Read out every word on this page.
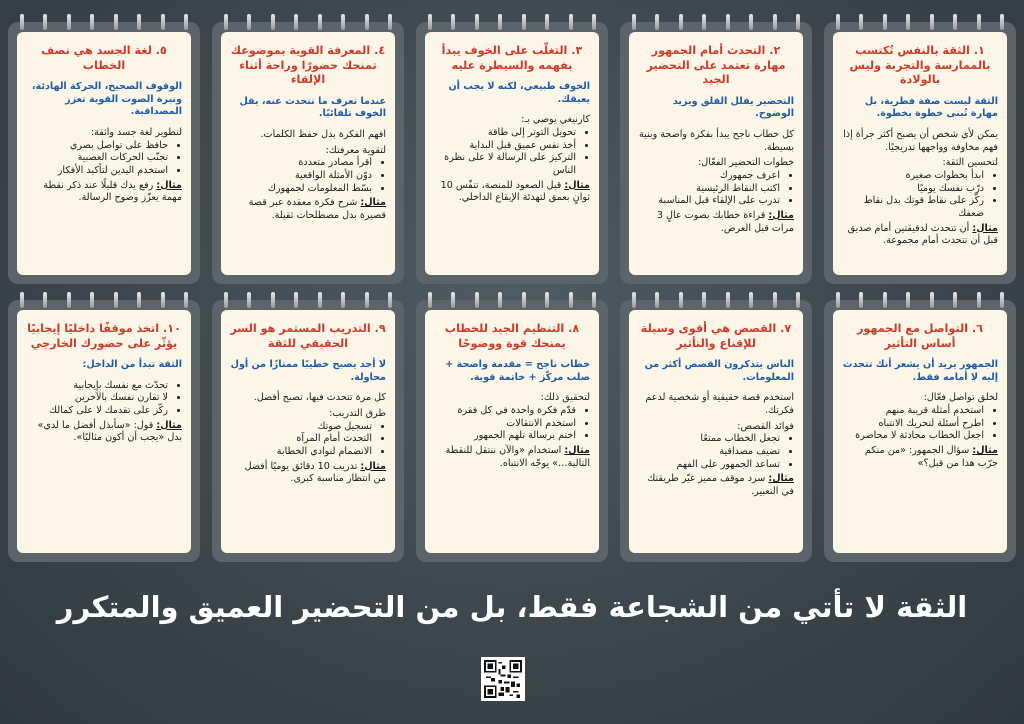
١. الثقة بالنفس تُكتسب بالممارسة والتجربة وليس بالولادة
الثقة ليست صفة فطرية، بل مهارة تُبنى خطوة بخطوة.
يمكن لأي شخص أن يصبح أكثر جرأة إذا فهم مخاوفه وواجهها تدريجيًا.
لتحسين الثقة:
• ابدأ بخطوات صغيرة
• درّب نفسك يوميًا
• ركّز على نقاط قوتك بدل نقاط ضعفك
مثال: أن تتحدث لدقيقتين أمام صديق قبل أن تتحدث أمام مجموعة.
٢. التحدث أمام الجمهور مهارة تعتمد على التحضير الجيد
التحضير يقلل القلق ويزيد الوضوح.
كل خطاب ناجح يبدأ بفكرة واضحة وبنية بسيطة.
خطوات التحضير الفعّال:
• اعرف جمهورك
• اكتب النقاط الرئيسية
• تدرب على الإلقاء قبل المناسبة
مثال: قراءة خطابك بصوت عالٍ 3 مرات قبل العرض.
٣. التغلّب على الخوف يبدأ بفهمه والسيطرة عليه
الخوف طبيعي، لكنه لا يجب أن يعيقك.
كارنيغي يوصي بـ:
• تحويل التوتر إلى طاقة
• أخذ نفس عميق قبل البداية
• التركيز على الرسالة لا على نظرة الناس
مثال: قبل الصعود للمنصة، تنفّس 10 ثوانٍ بعمق لتهدئة الإيقاع الداخلي.
٤. المعرفة القوية بموضوعك تمنحك حضورًا وراحة أثناء الإلقاء
عندما تعرف ما تتحدث عنه، يقل الخوف تلقائيًا.
افهم الفكرة بدل حفظ الكلمات.
لتقوية معرفتك:
• اقرأ مصادر متعددة
• دوّن الأمثلة الواقعية
• بسّط المعلومات لجمهورك
مثال: شرح فكرة معقدة عبر قصة قصيرة بدل مصطلحات ثقيلة.
٥. لغة الجسد هي نصف الخطاب
الوقوف الصحيح، الحركة الهادئة، ونبرة الصوت القوية تعزز المصداقية.
لتطوير لغة جسد واثقة:
• حافظ على تواصل بصري
• تجنّب الحركات العصبية
• استخدم اليدين لتأكيد الأفكار
مثال: رفع يدك قليلًا عند ذكر نقطة مهمة يعزّز وضوح الرسالة.
٦. التواصل مع الجمهور أساس التأثير
الجمهور يريد أن يشعر أنك تتحدث إليه لا أمامه فقط.
لخلق تواصل فعّال:
• استخدم أمثلة قريبة منهم
• اطرح أسئلة لتحريك الانتباه
• اجعل الخطاب محادثة لا محاضرة
مثال: سؤال الجمهور: «من منكم جرّب هذا من قبل؟»
٧. القصص هي أقوى وسيلة للإقناع والتأثير
الناس يتذكرون القصص أكثر من المعلومات.
استخدم قصة حقيقية أو شخصية لدعم فكرتك.
فوائد القصص:
• تجعل الخطاب ممتعًا
• تضيف مصداقية
• تساعد الجمهور على الفهم
مثال: سرد موقف مميز غيّر طريقتك في التعبير.
٨. التنظيم الجيد للخطاب يمنحك قوة ووضوحًا
خطاب ناجح = مقدمة واضحة + صلب مركّز + خاتمة قوية.
لتحقيق ذلك:
• قدّم فكرة واحدة في كل فقرة
• استخدم الانتقالات
• اختم برسالة تلهم الجمهور
مثال: استخدام «والآن ننتقل للنقطة التالية…» يوجّه الانتباه.
٩. التدريب المستمر هو السر الحقيقي للثقة
لا أحد يصبح خطيبًا ممتازًا من أول محاولة.
كل مرة تتحدث فيها، تصبح أفضل.
طرق التدريب:
• تسجيل صوتك
• التحدث أمام المرآة
• الانضمام لنوادي الخطابة
مثال: تدريب 10 دقائق يوميًا أفضل من انتظار مناسبة كبرى.
١٠. اتخذ موقفًا داخليًا إيجابيًا يؤثّر على حضورك الخارجي
الثقة تبدأ من الداخل:
• تحدّث مع نفسك بإيجابية
• لا تقارن نفسك بالآخرين
• ركّز على تقدمك لا على كمالك
مثال: قول: «سأبذل أفضل ما لدي» بدل «يجب أن أكون مثاليًا».
الثقة لا تأتي من الشجاعة فقط، بل من التحضير العميق والمتكرر
